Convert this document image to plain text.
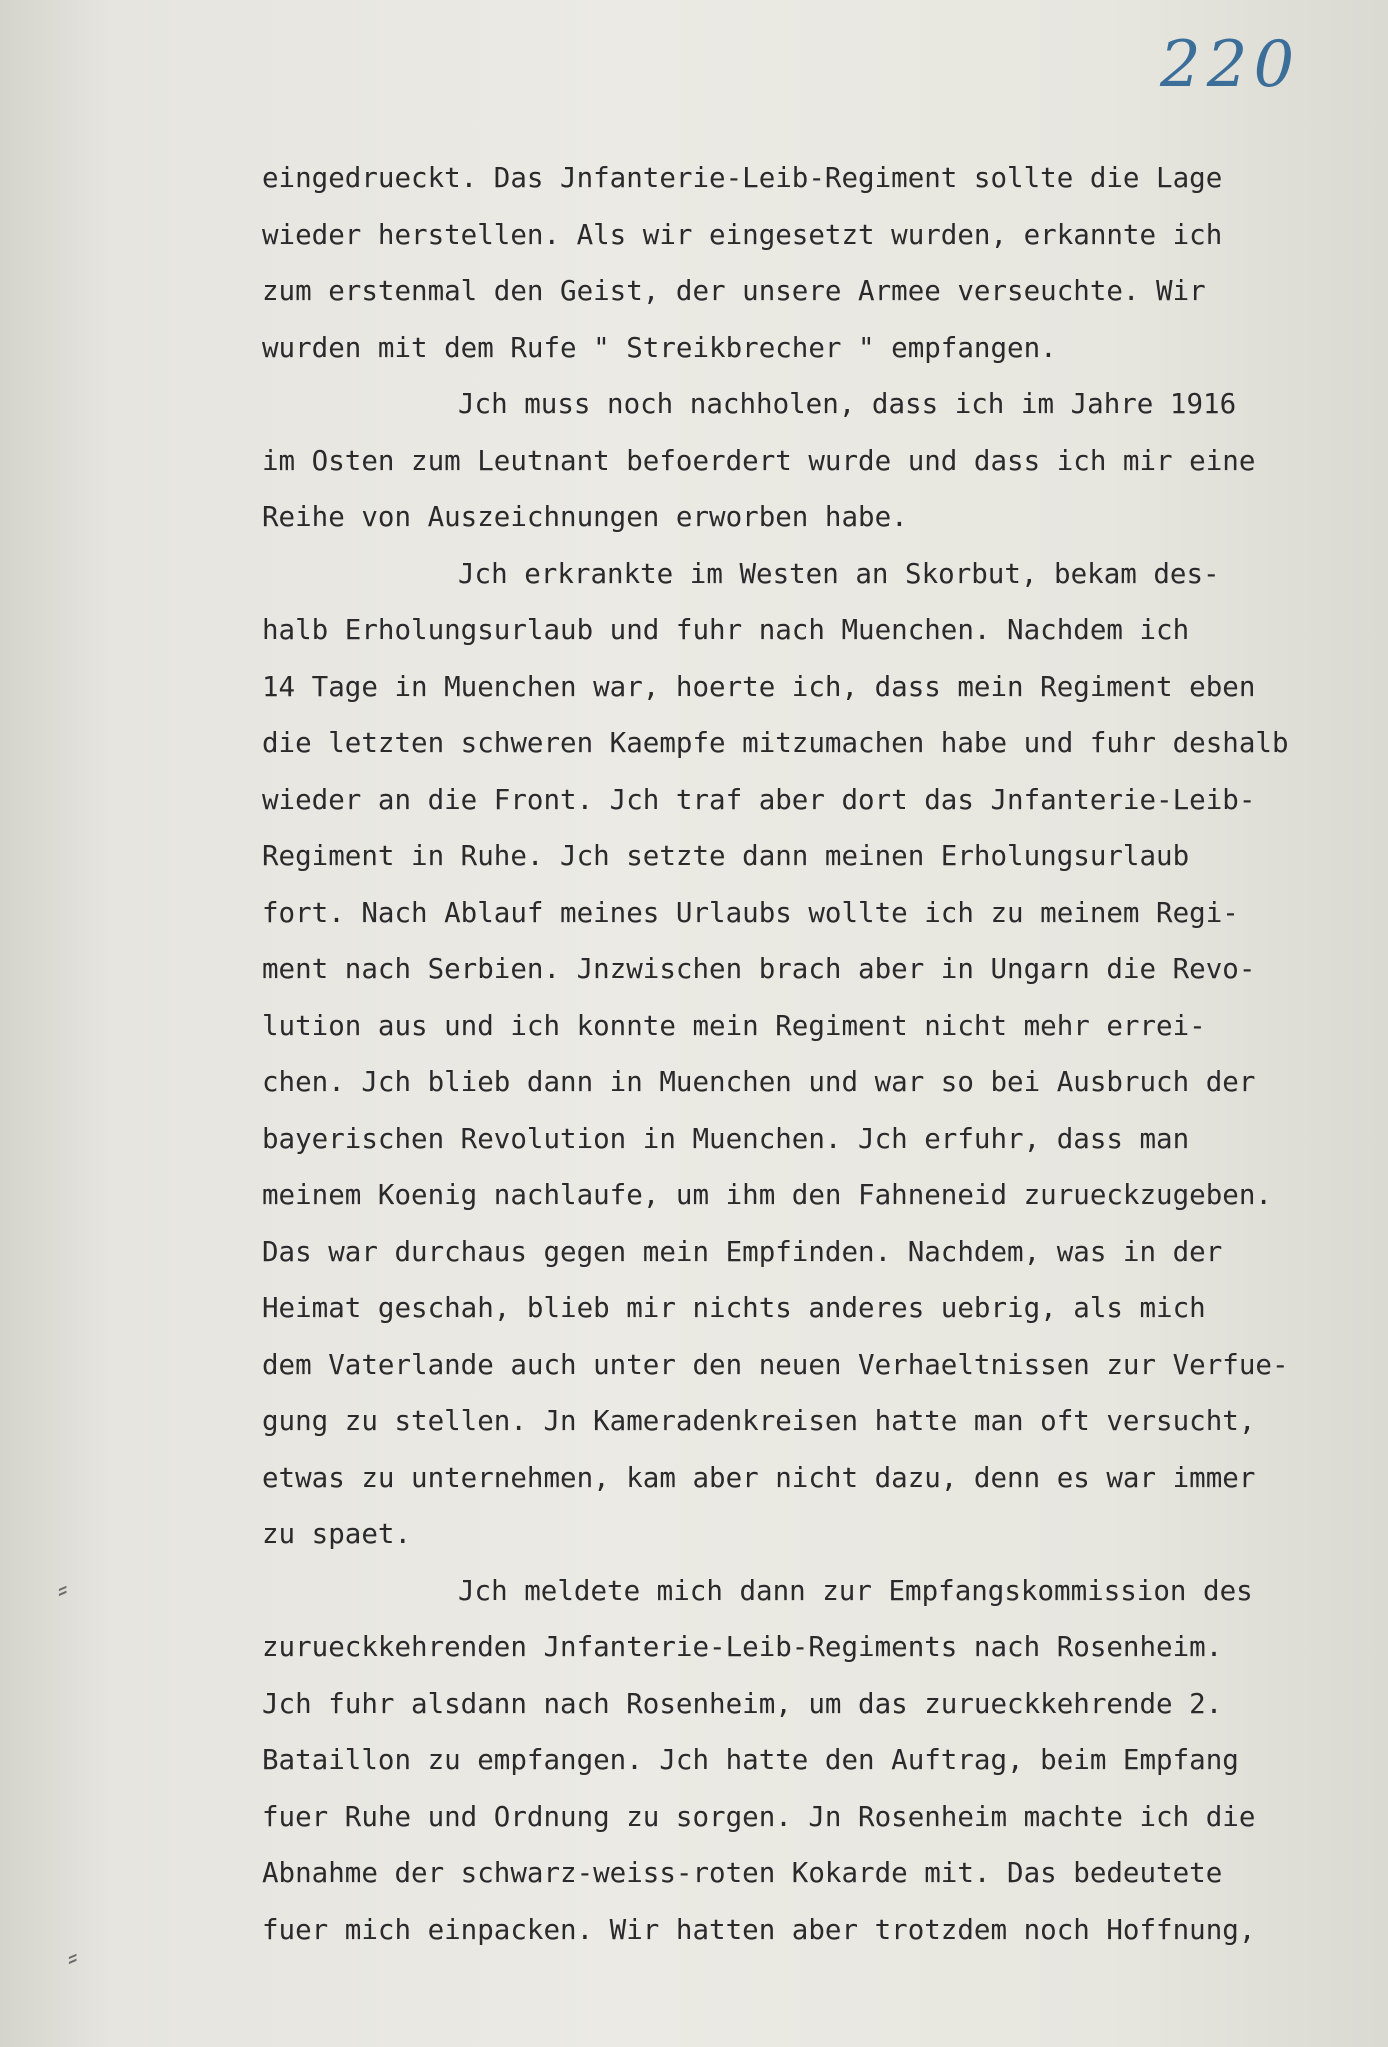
220
eingedrueckt. Das Jnfanterie-Leib-Regiment sollte die Lage
wieder herstellen. Als wir eingesetzt wurden, erkannte ich
zum erstenmal den Geist, der unsere Armee verseuchte. Wir
wurden mit dem Rufe " Streikbrecher " empfangen.
Jch muss noch nachholen, dass ich im Jahre 1916
im Osten zum Leutnant befoerdert wurde und dass ich mir eine
Reihe von Auszeichnungen erworben habe.
Jch erkrankte im Westen an Skorbut, bekam des-
halb Erholungsurlaub und fuhr nach Muenchen. Nachdem ich
14 Tage in Muenchen war, hoerte ich, dass mein Regiment eben
die letzten schweren Kaempfe mitzumachen habe und fuhr deshalb
wieder an die Front. Jch traf aber dort das Jnfanterie-Leib-
Regiment in Ruhe. Jch setzte dann meinen Erholungsurlaub
fort. Nach Ablauf meines Urlaubs wollte ich zu meinem Regi-
ment nach Serbien. Jnzwischen brach aber in Ungarn die Revo-
lution aus und ich konnte mein Regiment nicht mehr errei-
chen. Jch blieb dann in Muenchen und war so bei Ausbruch der
bayerischen Revolution in Muenchen. Jch erfuhr, dass man
meinem Koenig nachlaufe, um ihm den Fahneneid zurueckzugeben.
Das war durchaus gegen mein Empfinden. Nachdem, was in der
Heimat geschah, blieb mir nichts anderes uebrig, als mich
dem Vaterlande auch unter den neuen Verhaeltnissen zur Verfue-
gung zu stellen. Jn Kameradenkreisen hatte man oft versucht,
etwas zu unternehmen, kam aber nicht dazu, denn es war immer
zu spaet.
Jch meldete mich dann zur Empfangskommission des
zurueckkehrenden Jnfanterie-Leib-Regiments nach Rosenheim.
Jch fuhr alsdann nach Rosenheim, um das zurueckkehrende 2.
Bataillon zu empfangen. Jch hatte den Auftrag, beim Empfang
fuer Ruhe und Ordnung zu sorgen. Jn Rosenheim machte ich die
Abnahme der schwarz-weiss-roten Kokarde mit. Das bedeutete
fuer mich einpacken. Wir hatten aber trotzdem noch Hoffnung,
⸗
⸗
